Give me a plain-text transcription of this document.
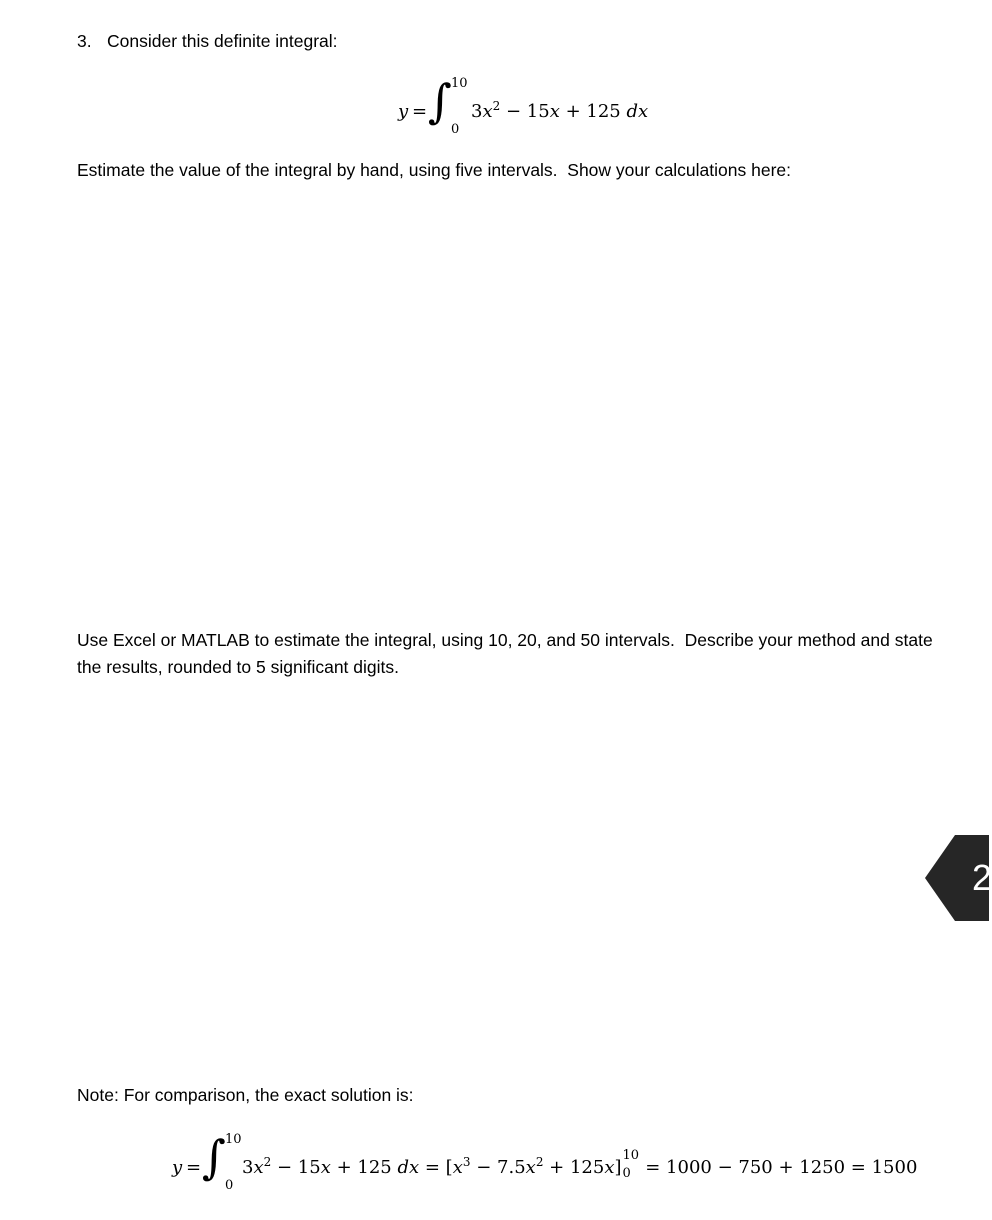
3. Consider this definite integral:
y = ∫ 10
0
$3x^2 - 15x + 125$ dx
Estimate the value of the integral by hand, using five intervals.  Show your calculations here:
Use Excel or MATLAB to estimate the integral, using 10, 20, and 50 intervals.  Describe your method and state the results, rounded to 5 significant digits.
2
Note: For comparison, the exact solution is:
y = ∫ 10
0
$3x^2 - 15x + 125$ dx = $[x^3 - 7.5x^2 + 125x]$
10
0 = 1000 − 750 + 1250 = 1500
